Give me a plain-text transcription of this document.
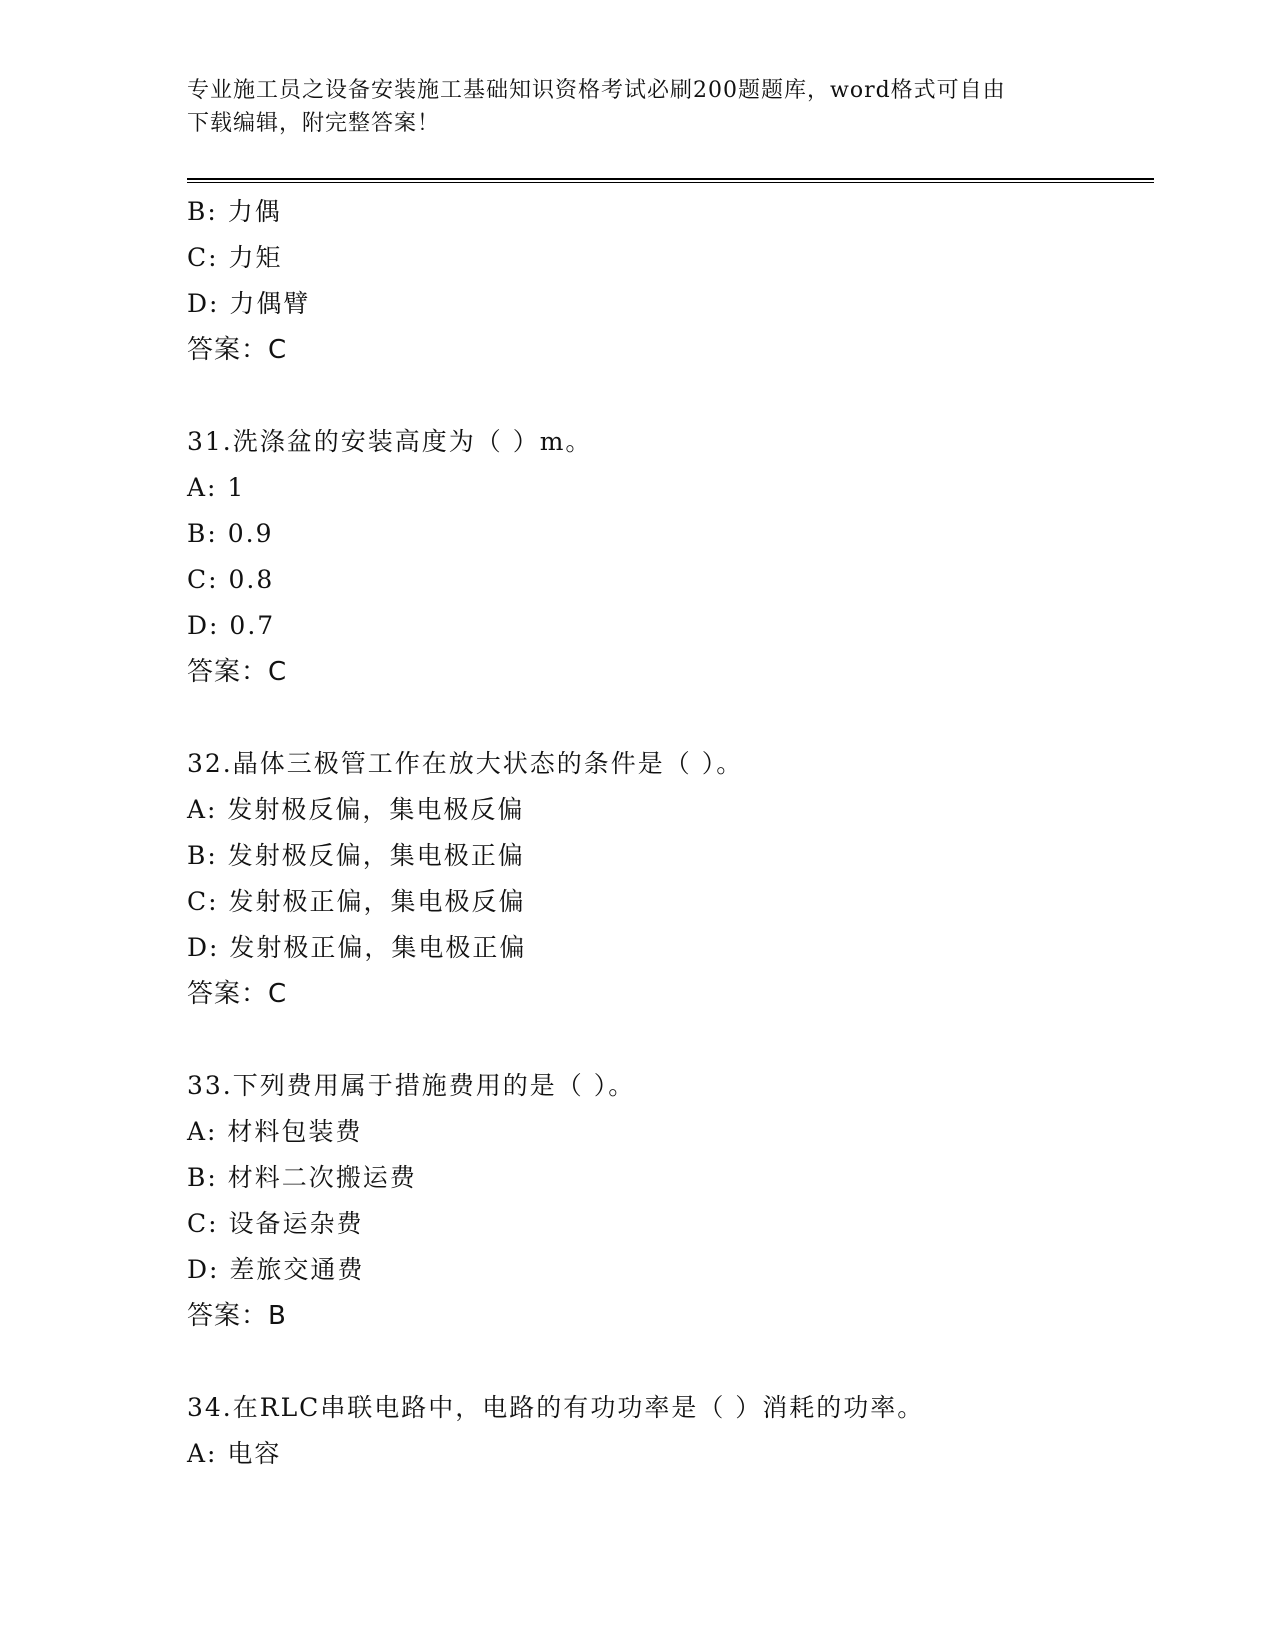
专业施工员之设备安装施工基础知识资格考试必刷200题题库，word格式可自由
下载编辑，附完整答案！
B: 力偶
C: 力矩
D: 力偶臂
答案：C
31.洗涤盆的安装高度为（ ）m。
A: 1
B: 0.9
C: 0.8
D: 0.7
答案：C
32.晶体三极管工作在放大状态的条件是（ ）。
A: 发射极反偏，集电极反偏
B: 发射极反偏，集电极正偏
C: 发射极正偏，集电极反偏
D: 发射极正偏，集电极正偏
答案：C
33.下列费用属于措施费用的是（ ）。
A: 材料包装费
B: 材料二次搬运费
C: 设备运杂费
D: 差旅交通费
答案：B
34.在RLC串联电路中，电路的有功功率是（ ）消耗的功率。
A: 电容
